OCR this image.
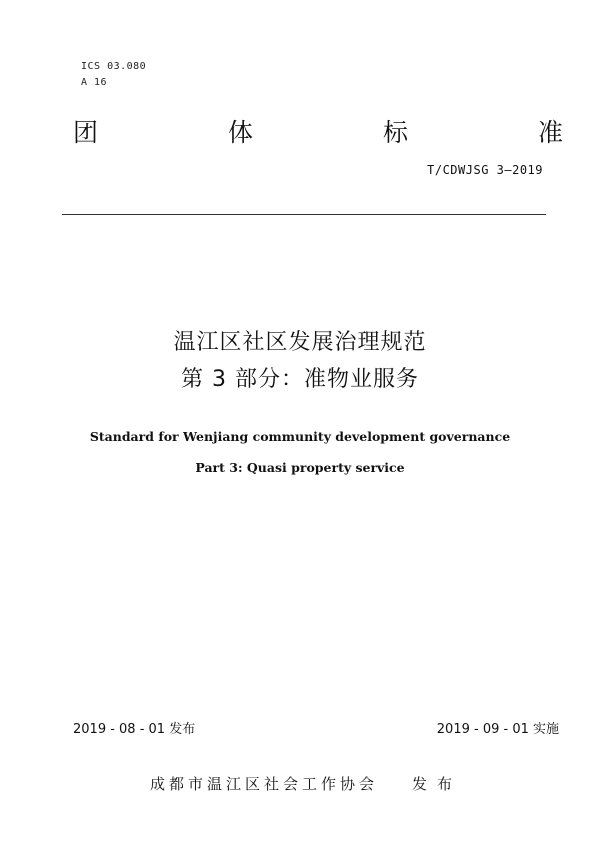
ICS 03.080
A 16
团	体	标	准
T/CDWJSG 3—2019
温江区社区发展治理规范
第 3 部分：准物业服务
Standard for Wenjiang community development governance
Part 3: Quasi property service
2019 - 08 - 01 发布	2019 - 09 - 01 实施
成都市温江区社会工作协会 发布
